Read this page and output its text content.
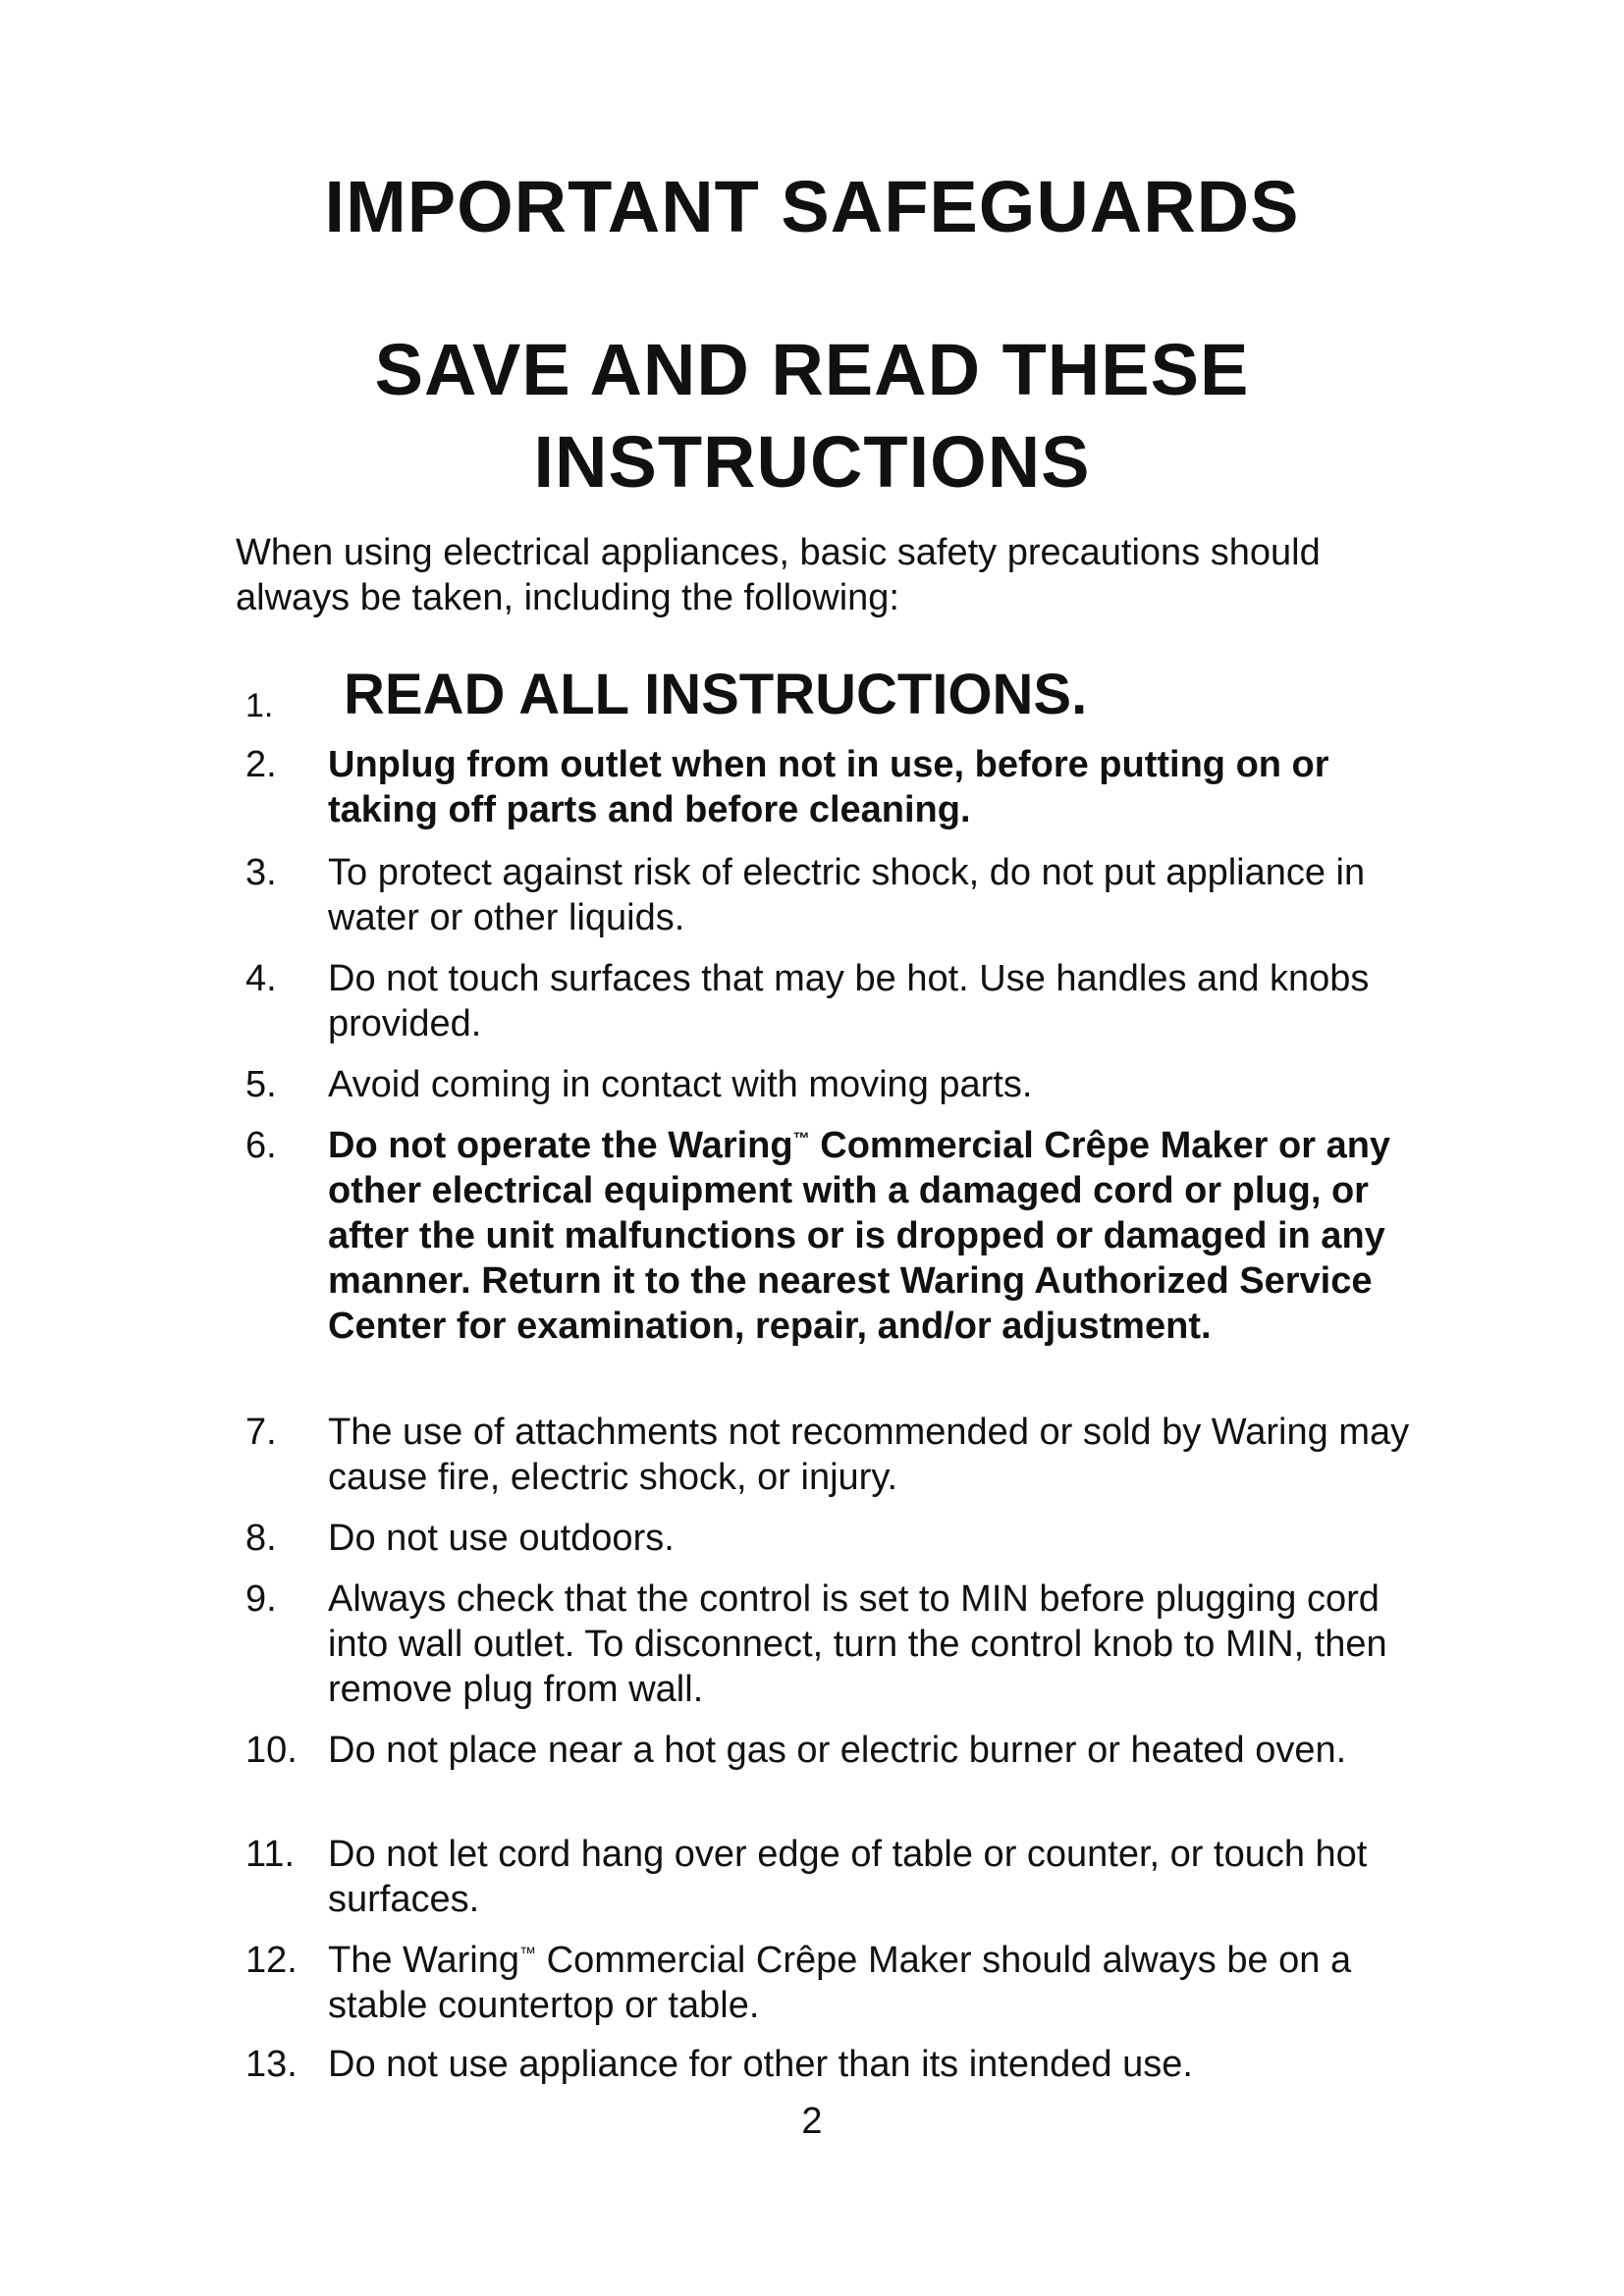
IMPORTANT SAFEGUARDS
SAVE AND READ THESE
INSTRUCTIONS
When using electrical appliances, basic safety precautions should always be taken, including the following:
1.	READ ALL INSTRUCTIONS.
2.	Unplug from outlet when not in use, before putting on or taking off parts and before cleaning.
3.	To protect against risk of electric shock, do not put appliance in water or other liquids.
4.	Do not touch surfaces that may be hot. Use handles and knobs provided.
5.	Avoid coming in contact with moving parts.
6.	Do not operate the Waring™ Commercial Crêpe Maker or any other electrical equipment with a damaged cord or plug, or after the unit malfunctions or is dropped or damaged in any manner. Return it to the nearest Waring Authorized Service Center for examination, repair, and/or adjustment.
7.	The use of attachments not recommended or sold by Waring may cause fire, electric shock, or injury.
8.	Do not use outdoors.
9.	Always check that the control is set to MIN before plugging cord into wall outlet. To disconnect, turn the control knob to MIN, then remove plug from wall.
10. Do not place near a hot gas or electric burner or heated oven.
11. Do not let cord hang over edge of table or counter, or touch hot surfaces.
12. The Waring™ Commercial Crêpe Maker should always be on a stable countertop or table.
13. Do not use appliance for other than its intended use.
2
